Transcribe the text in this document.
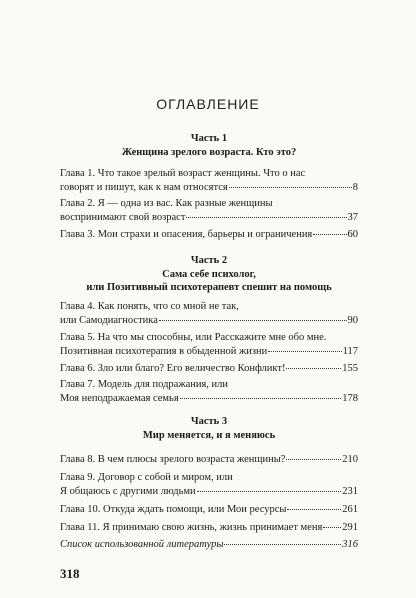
ОГЛАВЛЕНИЕ
Часть 1
Женщина зрелого возраста. Кто это?
Глава 1. Что такое зрелый возраст женщины. Что о нас
говорят и пишут, как к нам относятся	8
Глава 2. Я — одна из вас. Как разные женщины
воспринимают свой возраст	37
Глава 3. Мои страхи и опасения, барьеры и ограничения	60
Часть 2
Сама себе психолог,
или Позитивный психотерапевт спешит на помощь
Глава 4. Как понять, что со мной не так,
или Самодиагностика	90
Глава 5. На что мы способны, или Расскажите мне обо мне.
Позитивная психотерапия в обыденной жизни	117
Глава 6. Зло или благо? Его величество Конфликт!	155
Глава 7. Модель для подражания, или
Моя неподражаемая семья	178
Часть 3
Мир меняется, и я меняюсь
Глава 8. В чем плюсы зрелого возраста женщины?	210
Глава 9. Договор с собой и миром, или
Я общаюсь с другими людьми	231
Глава 10. Откуда ждать помощи, или Мои ресурсы	261
Глава 11. Я принимаю свою жизнь, жизнь принимает меня 291
Список использованной литературы	316
318
